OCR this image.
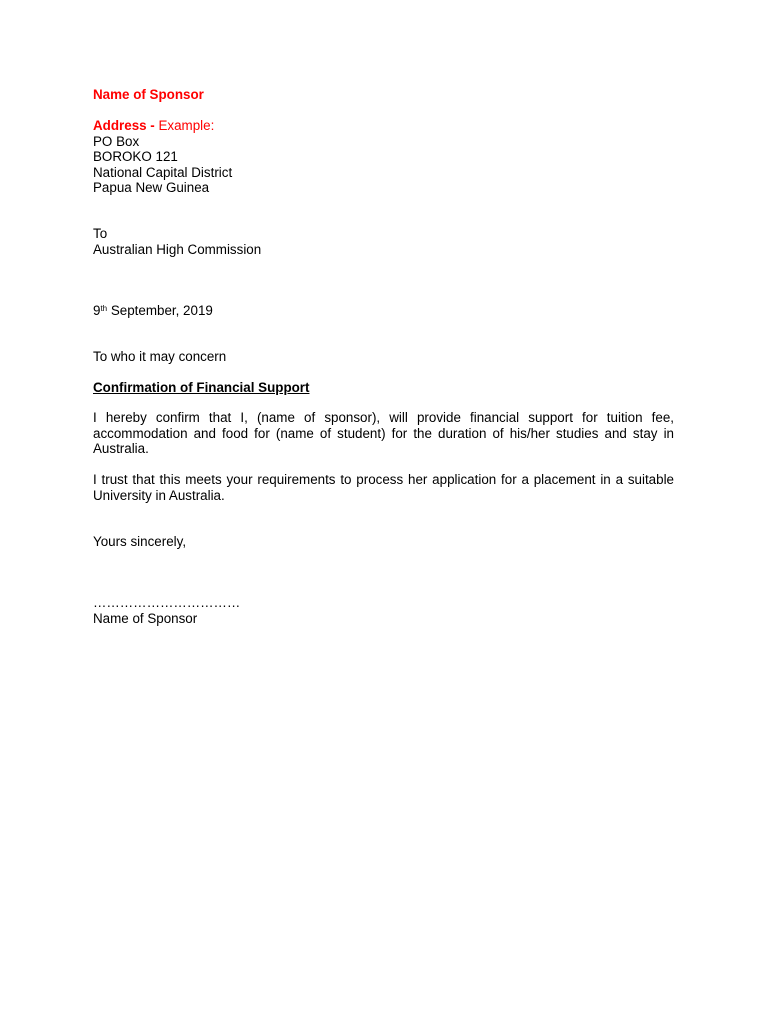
Name of Sponsor
Address - Example:
PO Box
BOROKO 121
National Capital District
Papua New Guinea
To
Australian High Commission
9th September, 2019
To who it may concern
Confirmation of Financial Support
I hereby confirm that I, (name of sponsor), will provide financial support for tuition fee, accommodation and food for (name of student) for the duration of his/her studies and stay in Australia.
I trust that this meets your requirements to process her application for a placement in a suitable University in Australia.
Yours sincerely,
……………………………
Name of Sponsor
